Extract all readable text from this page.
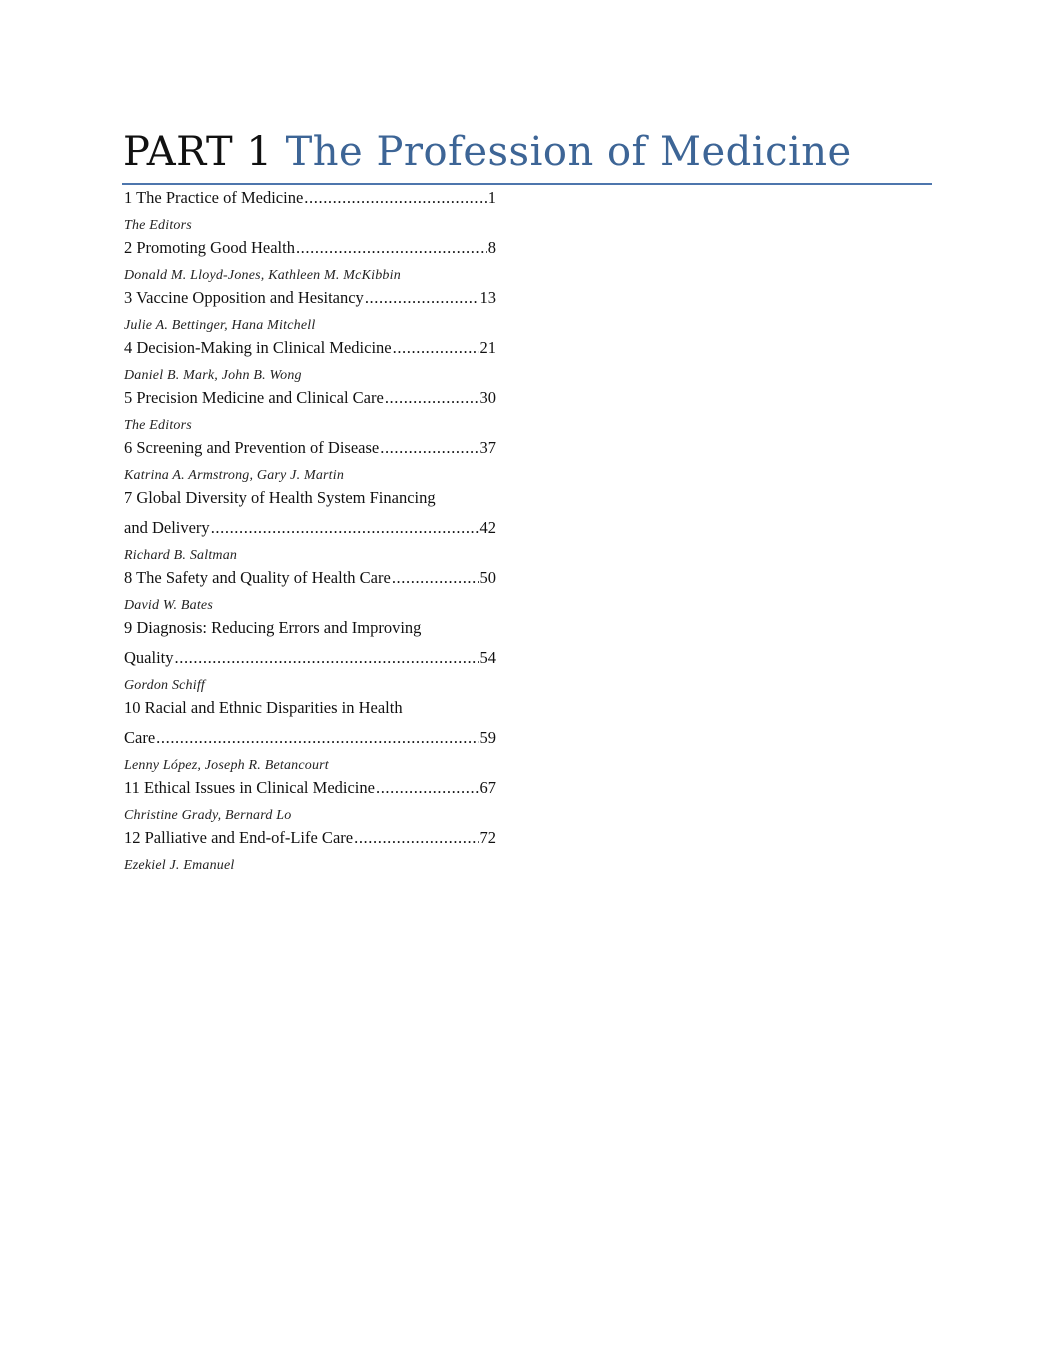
PART 1 The Profession of Medicine
1 The Practice of Medicine .....	1
The Editors
2 Promoting Good Health .....	8
Donald M. Lloyd-Jones, Kathleen M. McKibbin
3 Vaccine Opposition and Hesitancy .....	13
Julie A. Bettinger, Hana Mitchell
4 Decision-Making in Clinical Medicine .....	21
Daniel B. Mark, John B. Wong
5 Precision Medicine and Clinical Care .....	30
The Editors
6 Screening and Prevention of Disease .....	37
Katrina A. Armstrong, Gary J. Martin
7 Global Diversity of Health System Financing
and Delivery .....	42
Richard B. Saltman
8 The Safety and Quality of Health Care .....	50
David W. Bates
9 Diagnosis: Reducing Errors and Improving
Quality .....	54
Gordon Schiff
10 Racial and Ethnic Disparities in Health
Care .....	59
Lenny López, Joseph R. Betancourt
11 Ethical Issues in Clinical Medicine .....	67
Christine Grady, Bernard Lo
12 Palliative and End-of-Life Care .....	72
Ezekiel J. Emanuel
